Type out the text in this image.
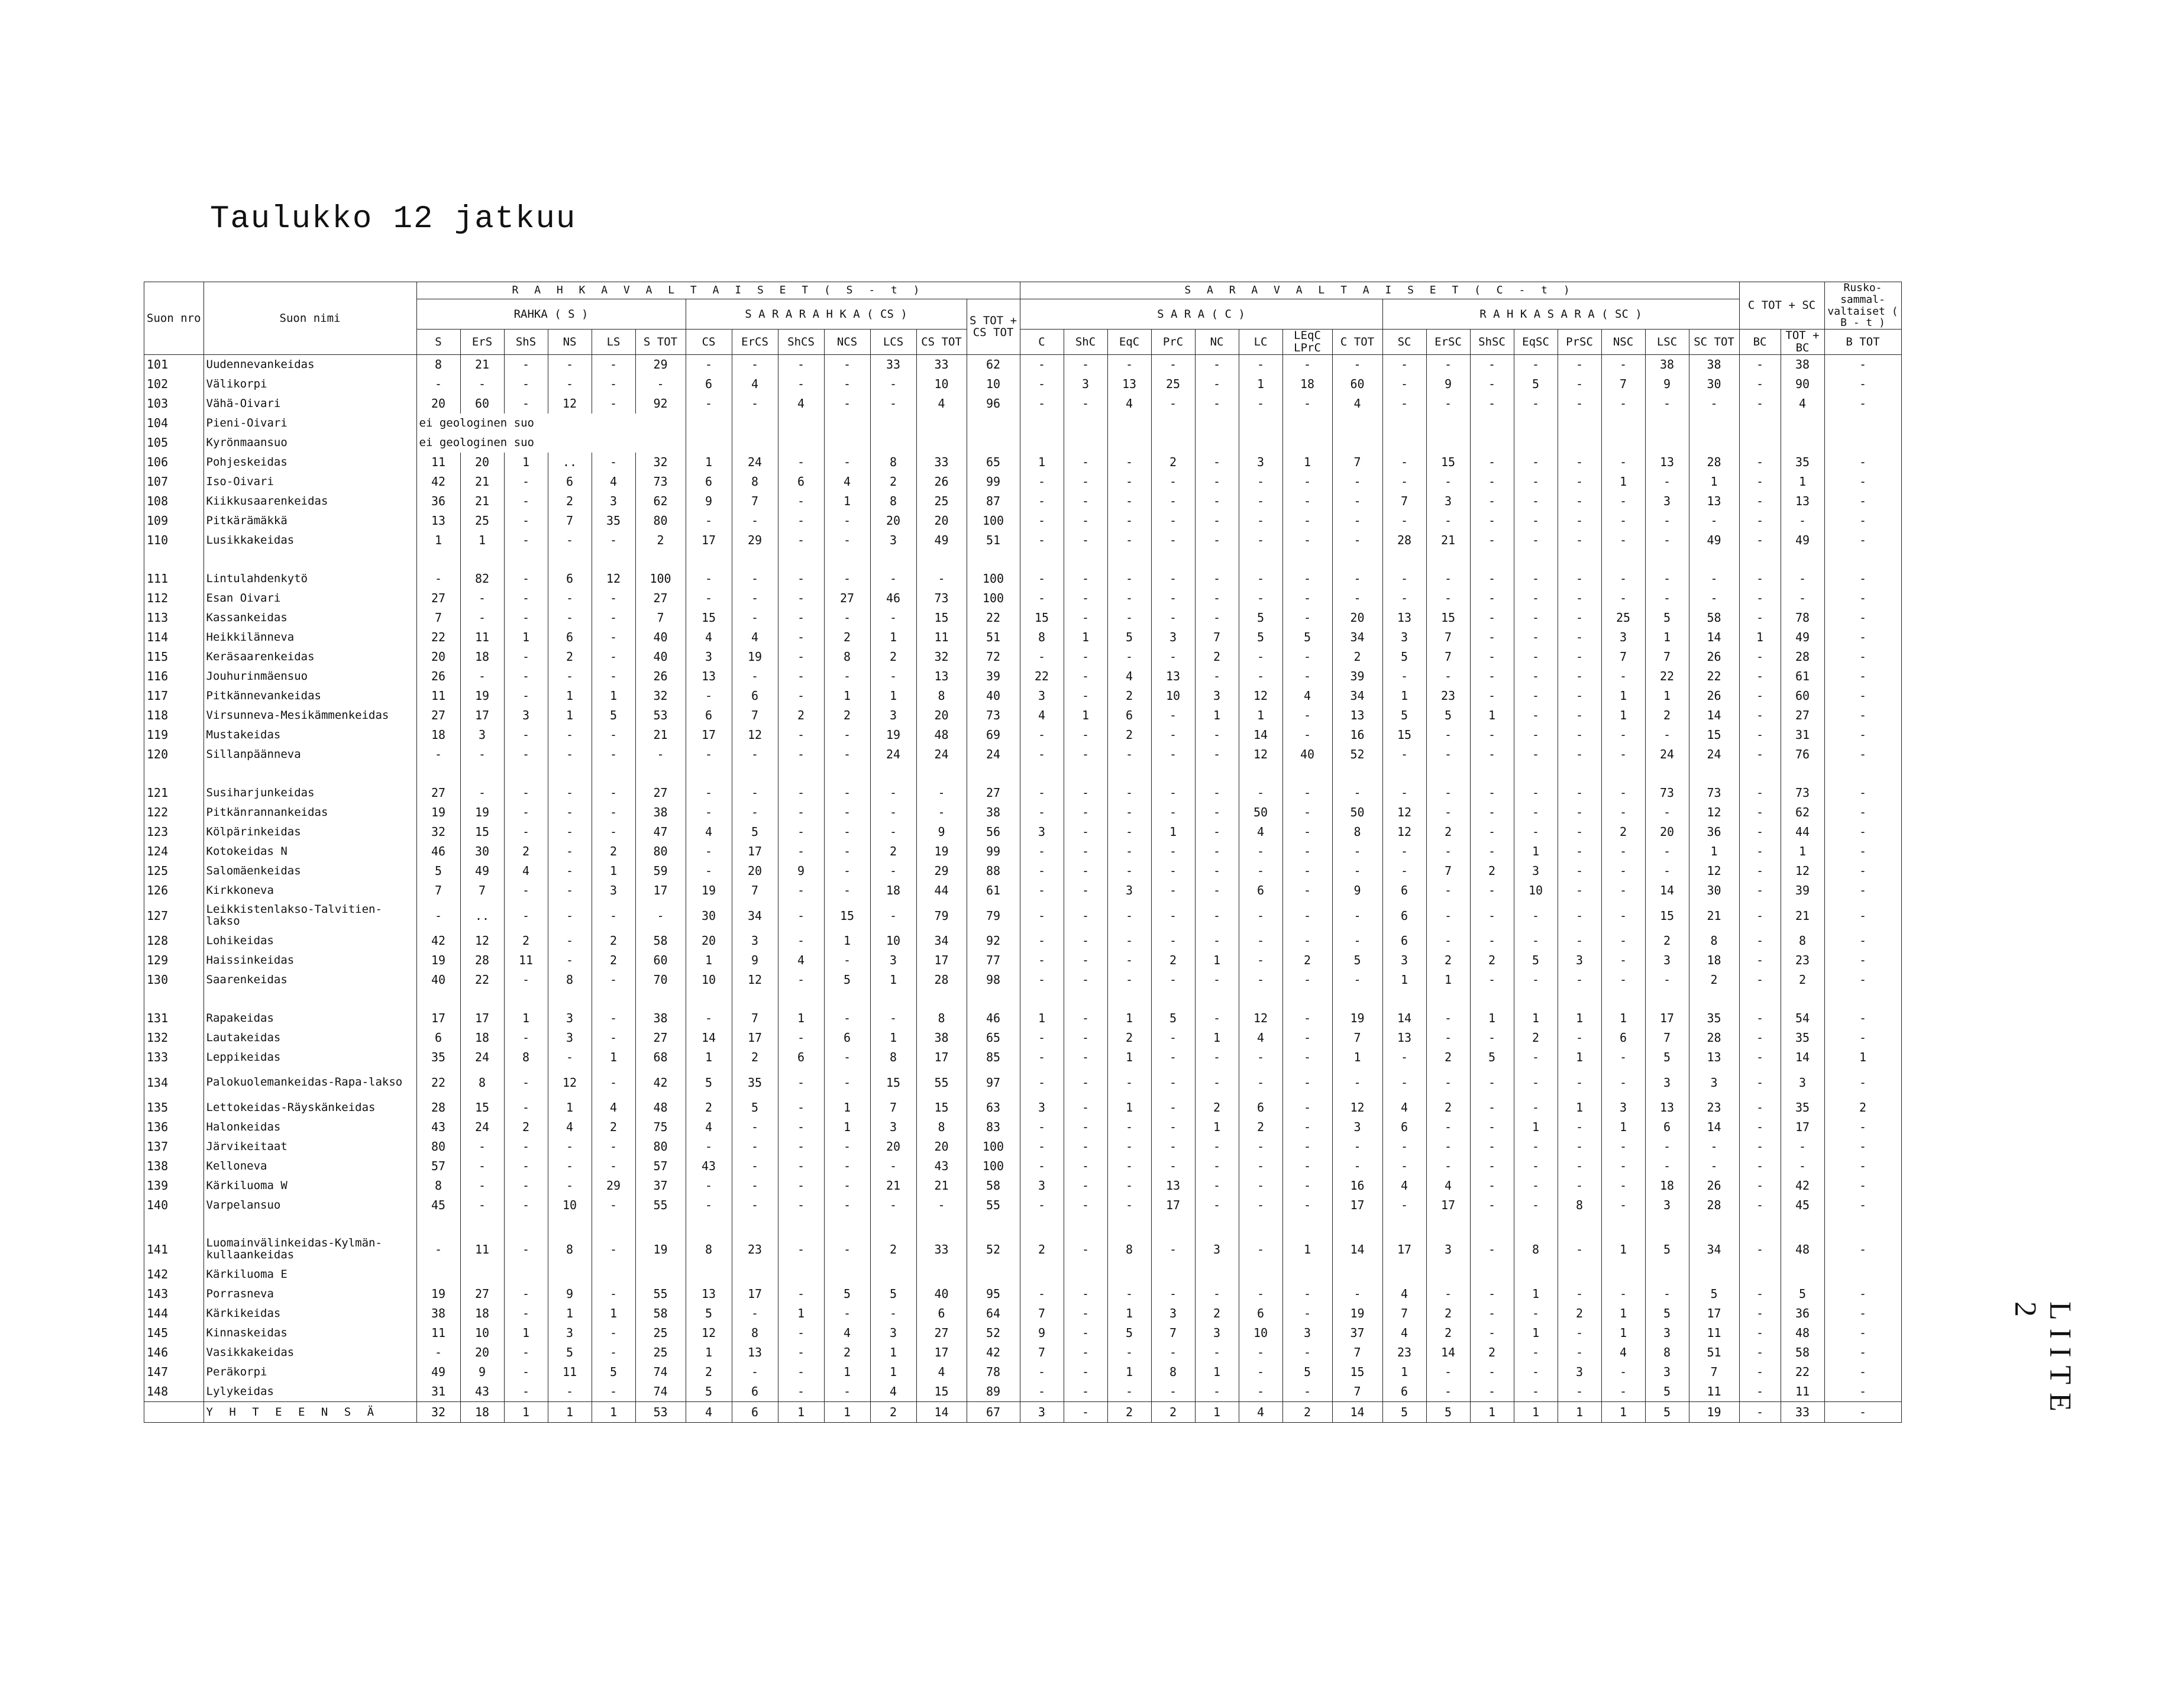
Taulukko 12 jatkuu
LIITE 2
Suon nro	Suon nimi	R A H K A V A L T A I S E T ( S - t )													S A R A V A L T A I S E T ( C - t )																C TOT + SC		Rusko- sammal- valtaiset ( B - t )
		RAHKA ( S )						S A R A R A H K A ( CS )						S TOT + CS TOT	S A R A ( C )								R A H K A S A R A ( SC )										
		S	ErS	ShS	NS	LS	S TOT	CS	ErCS	ShCS	NCS	LCS	CS TOT		C	ShC	EqC	PrC	NC	LC	LEqC LPrC	C TOT	SC	ErSC	ShSC	EqSC	PrSC	NSC	LSC	SC TOT	BC	TOT + BC	B TOT
101	Uudennevankeidas	8	21	-	-	-	29	-	-	-	-	33	33	62	-	-	-	-	-	-	-	-	-	-	-	-	-	-	38	38	-	38	-
102	Välikorpi	-	-	-	-	-	-	6	4	-	-	-	10	10	-	3	13	25	-	1	18	60	-	9	-	5	-	7	9	30	-	90	-
103	Vähä-Oivari	20	60	-	12	-	92	-	-	4	-	-	4	96	-	-	4	-	-	-	-	4	-	-	-	-	-	-	-	-	-	4	-
104	Pieni-Oivari	ei geologinen suo																															
105	Kyrönmaansuo	ei geologinen suo																															
106	Pohjeskeidas	11	20	1	..	-	32	1	24	-	-	8	33	65	1	-	-	2	-	3	1	7	-	15	-	-	-	-	13	28	-	35	-
107	Iso-Oivari	42	21	-	6	4	73	6	8	6	4	2	26	99	-	-	-	-	-	-	-	-	-	-	-	-	-	1	-	1	-	1	-
108	Kiikkusaarenkeidas	36	21	-	2	3	62	9	7	-	1	8	25	87	-	-	-	-	-	-	-	-	7	3	-	-	-	-	3	13	-	13	-
109	Pitkärämäkkä	13	25	-	7	35	80	-	-	-	-	20	20	100	-	-	-	-	-	-	-	-	-	-	-	-	-	-	-	-	-	-	-
110	Lusikkakeidas	1	1	-	-	-	2	17	29	-	-	3	49	51	-	-	-	-	-	-	-	-	28	21	-	-	-	-	-	49	-	49	-

111	Lintulahdenkytö	-	82	-	6	12	100	-	-	-	-	-	-	100	-	-	-	-	-	-	-	-	-	-	-	-	-	-	-	-	-	-	-
112	Esan Oivari	27	-	-	-	-	27	-	-	-	27	46	73	100	-	-	-	-	-	-	-	-	-	-	-	-	-	-	-	-	-	-	-
113	Kassankeidas	7	-	-	-	-	7	15	-	-	-	-	15	22	15	-	-	-	-	5	-	20	13	15	-	-	-	25	5	58	-	78	-
114	Heikkilänneva	22	11	1	6	-	40	4	4	-	2	1	11	51	8	1	5	3	7	5	5	34	3	7	-	-	-	3	1	14	1	49	-
115	Keräsaarenkeidas	20	18	-	2	-	40	3	19	-	8	2	32	72	-	-	-	-	2	-	-	2	5	7	-	-	-	7	7	26	-	28	-
116	Jouhurinmäensuo	26	-	-	-	-	26	13	-	-	-	-	13	39	22	-	4	13	-	-	-	39	-	-	-	-	-	-	22	22	-	61	-
117	Pitkännevankeidas	11	19	-	1	1	32	-	6	-	1	1	8	40	3	-	2	10	3	12	4	34	1	23	-	-	-	1	1	26	-	60	-
118	Virsunneva-Mesikämmenkeidas	27	17	3	1	5	53	6	7	2	2	3	20	73	4	1	6	-	1	1	-	13	5	5	1	-	-	1	2	14	-	27	-
119	Mustakeidas	18	3	-	-	-	21	17	12	-	-	19	48	69	-	-	2	-	-	14	-	16	15	-	-	-	-	-	-	15	-	31	-
120	Sillanpäänneva	-	-	-	-	-	-	-	-	-	-	24	24	24	-	-	-	-	-	12	40	52	-	-	-	-	-	-	24	24	-	76	-

121	Susiharjunkeidas	27	-	-	-	-	27	-	-	-	-	-	-	27	-	-	-	-	-	-	-	-	-	-	-	-	-	-	73	73	-	73	-
122	Pitkänrannankeidas	19	19	-	-	-	38	-	-	-	-	-	-	38	-	-	-	-	-	50	-	50	12	-	-	-	-	-	-	12	-	62	-
123	Kölpärinkeidas	32	15	-	-	-	47	4	5	-	-	-	9	56	3	-	-	1	-	4	-	8	12	2	-	-	-	2	20	36	-	44	-
124	Kotokeidas N	46	30	2	-	2	80	-	17	-	-	2	19	99	-	-	-	-	-	-	-	-	-	-	-	1	-	-	-	1	-	1	-
125	Salomäenkeidas	5	49	4	-	1	59	-	20	9	-	-	29	88	-	-	-	-	-	-	-	-	-	7	2	3	-	-	-	12	-	12	-
126	Kirkkoneva	7	7	-	-	3	17	19	7	-	-	18	44	61	-	-	3	-	-	6	-	9	6	-	-	10	-	-	14	30	-	39	-
127	Leikkistenlakso-Talvitien-lakso	-	..	-	-	-	-	30	34	-	15	-	79	79	-	-	-	-	-	-	-	-	6	-	-	-	-	-	15	21	-	21	-
128	Lohikeidas	42	12	2	-	2	58	20	3	-	1	10	34	92	-	-	-	-	-	-	-	-	6	-	-	-	-	-	2	8	-	8	-
129	Haissinkeidas	19	28	11	-	2	60	1	9	4	-	3	17	77	-	-	-	2	1	-	2	5	3	2	2	5	3	-	3	18	-	23	-
130	Saarenkeidas	40	22	-	8	-	70	10	12	-	5	1	28	98	-	-	-	-	-	-	-	-	1	1	-	-	-	-	-	2	-	2	-

131	Rapakeidas	17	17	1	3	-	38	-	7	1	-	-	8	46	1	-	1	5	-	12	-	19	14	-	1	1	1	1	17	35	-	54	-
132	Lautakeidas	6	18	-	3	-	27	14	17	-	6	1	38	65	-	-	2	-	1	4	-	7	13	-	-	2	-	6	7	28	-	35	-
133	Leppikeidas	35	24	8	-	1	68	1	2	6	-	8	17	85	-	-	1	-	-	-	-	1	-	2	5	-	1	-	5	13	-	14	1
134	Palokuolemankeidas-Rapa-lakso	22	8	-	12	-	42	5	35	-	-	15	55	97	-	-	-	-	-	-	-	-	-	-	-	-	-	-	3	3	-	3	-
135	Lettokeidas-Räyskänkeidas	28	15	-	1	4	48	2	5	-	1	7	15	63	3	-	1	-	2	6	-	12	4	2	-	-	1	3	13	23	-	35	2
136	Halonkeidas	43	24	2	4	2	75	4	-	-	1	3	8	83	-	-	-	-	1	2	-	3	6	-	-	1	-	1	6	14	-	17	-
137	Järvikeitaat	80	-	-	-	-	80	-	-	-	-	20	20	100	-	-	-	-	-	-	-	-	-	-	-	-	-	-	-	-	-	-	-
138	Kelloneva	57	-	-	-	-	57	43	-	-	-	-	43	100	-	-	-	-	-	-	-	-	-	-	-	-	-	-	-	-	-	-	-
139	Kärkiluoma W	8	-	-	-	29	37	-	-	-	-	21	21	58	3	-	-	13	-	-	-	16	4	4	-	-	-	-	18	26	-	42	-
140	Varpelansuo	45	-	-	10	-	55	-	-	-	-	-	-	55	-	-	-	17	-	-	-	17	-	17	-	-	8	-	3	28	-	45	-

141	Luomainvälinkeidas-Kylmän-kullaankeidas	-	11	-	8	-	19	8	23	-	-	2	33	52	2	-	8	-	3	-	1	14	17	3	-	8	-	1	5	34	-	48	-
142	Kärkiluoma E																																
143	Porrasneva	19	27	-	9	-	55	13	17	-	5	5	40	95	-	-	-	-	-	-	-	-	4	-	-	1	-	-	-	5	-	5	-
144	Kärkikeidas	38	18	-	1	1	58	5	-	1	-	-	6	64	7	-	1	3	2	6	-	19	7	2	-	-	2	1	5	17	-	36	-
145	Kinnaskeidas	11	10	1	3	-	25	12	8	-	4	3	27	52	9	-	5	7	3	10	3	37	4	2	-	1	-	1	3	11	-	48	-
146	Vasikkakeidas	-	20	-	5	-	25	1	13	-	2	1	17	42	7	-	-	-	-	-	-	7	23	14	2	-	-	4	8	51	-	58	-
147	Peräkorpi	49	9	-	11	5	74	2	-	-	1	1	4	78	-	-	1	8	1	-	5	15	1	-	-	-	3	-	3	7	-	22	-
148	Lylykeidas	31	43	-	-	-	74	5	6	-	-	4	15	89	-	-	-	-	-	-	-	7	6	-	-	-	-	-	5	11	-	11	-
	Y H T E E N S Ä	32	18	1	1	1	53	4	6	1	1	2	14	67	3	-	2	2	1	4	2	14	5	5	1	1	1	1	5	19	-	33	-
